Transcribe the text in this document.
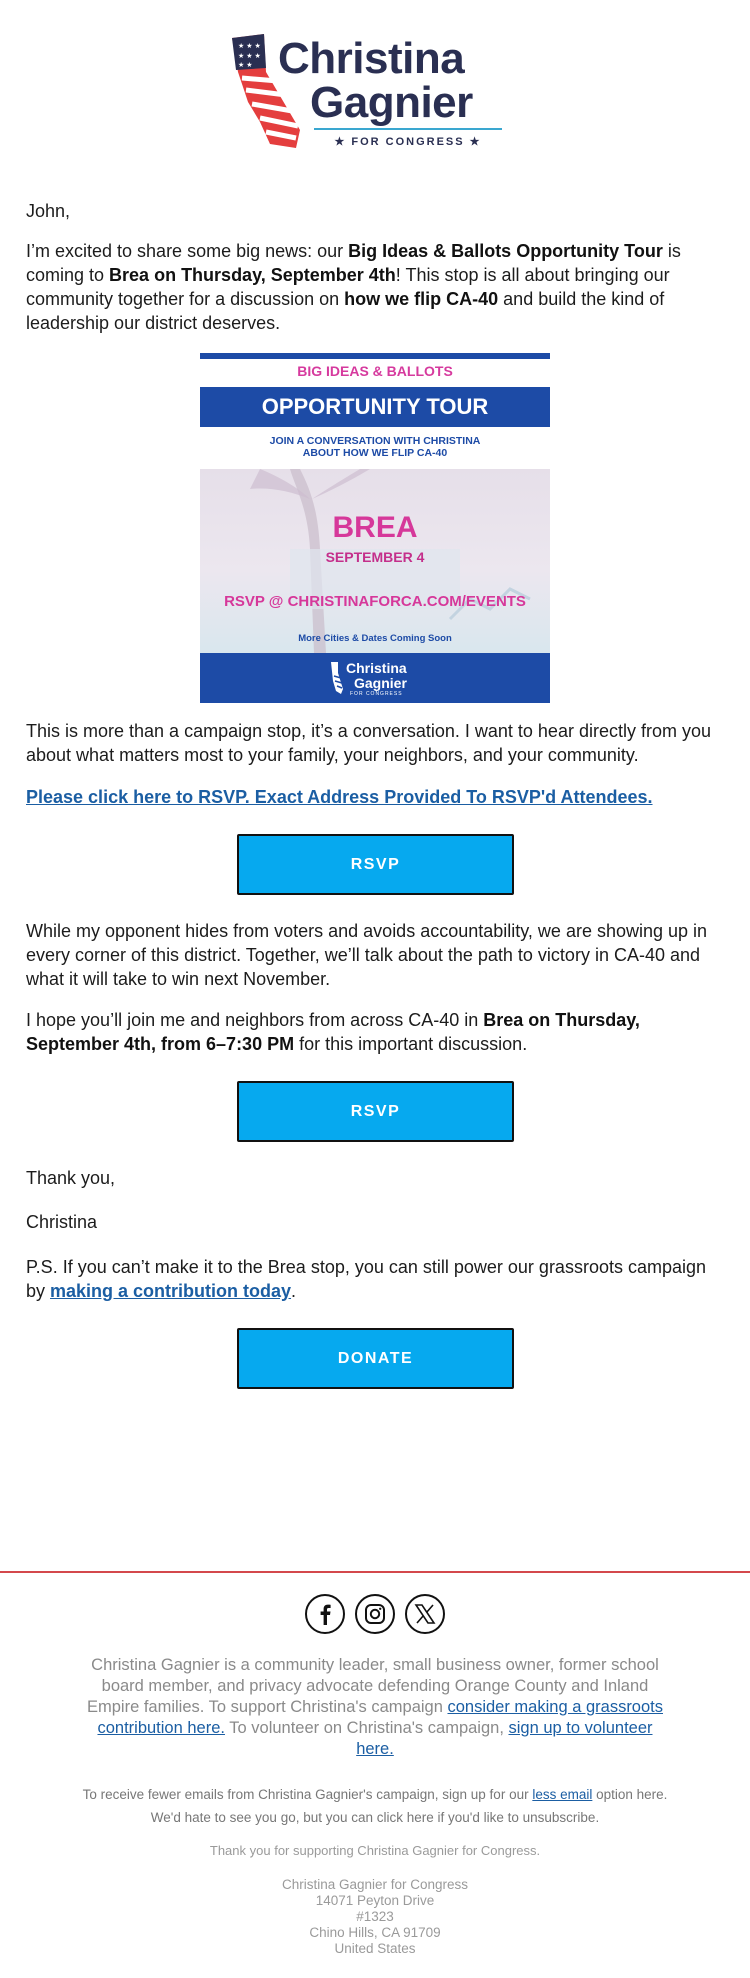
★ ★ ★
★ ★ ★
★ ★ Christina
Gagnier
★ FOR CONGRESS ★
John,
I’m excited to share some big news: our Big Ideas & Ballots Opportunity Tour is coming to Brea on Thursday, September 4th! This stop is all about bringing our community together for a discussion on how we flip CA-40 and build the kind of leadership our district deserves.
BIG IDEAS & BALLOTS
OPPORTUNITY TOUR
JOIN A CONVERSATION WITH CHRISTINA
ABOUT HOW WE FLIP CA-40
BREA
SEPTEMBER 4
RSVP @ CHRISTINAFORCA.COM/EVENTS
More Cities & Dates Coming Soon
Christina
Gagnier
FOR CONGRESS
This is more than a campaign stop, it’s a conversation. I want to hear directly from you about what matters most to your family, your neighbors, and your community.
Please click here to RSVP. Exact Address Provided To RSVP'd Attendees.
RSVP
While my opponent hides from voters and avoids accountability, we are showing up in every corner of this district. Together, we’ll talk about the path to victory in CA-40 and what it will take to win next November.
I hope you’ll join me and neighbors from across CA-40 in Brea on Thursday, September 4th, from 6–7:30 PM for this important discussion.
RSVP
Thank you,
Christina
P.S. If you can’t make it to the Brea stop, you can still power our grassroots campaign by making a contribution today.
DONATE
Christina Gagnier is a community leader, small business owner, former school board member, and privacy advocate defending Orange County and Inland Empire families. To support Christina's campaign consider making a grassroots contribution here. To volunteer on Christina's campaign, sign up to volunteer here.
To receive fewer emails from Christina Gagnier's campaign, sign up for our less email option here. We'd hate to see you go, but you can click here if you'd like to unsubscribe.
Thank you for supporting Christina Gagnier for Congress.
Christina Gagnier for Congress
14071 Peyton Drive
#1323
Chino Hills, CA 91709
United States
